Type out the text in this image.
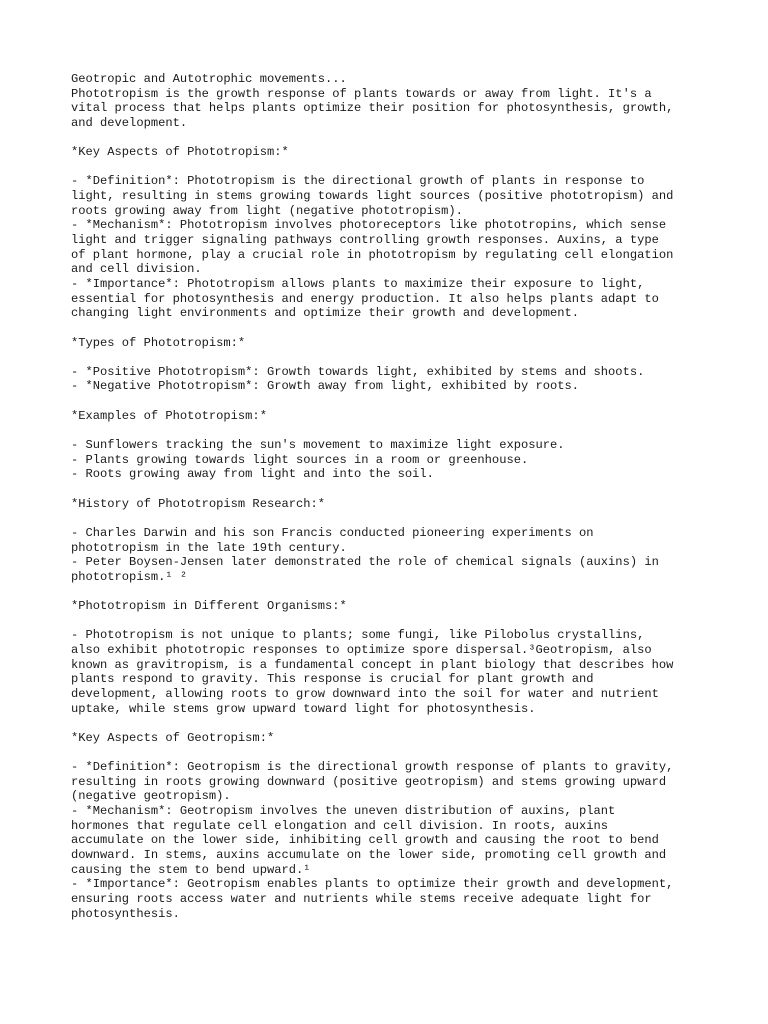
Geotropic and Autotrophic movements...
Phototropism is the growth response of plants towards or away from light. It's a
vital process that helps plants optimize their position for photosynthesis, growth,
and development.
*Key Aspects of Phototropism:*
- *Definition*: Phototropism is the directional growth of plants in response to
light, resulting in stems growing towards light sources (positive phototropism) and
roots growing away from light (negative phototropism).
- *Mechanism*: Phototropism involves photoreceptors like phototropins, which sense
light and trigger signaling pathways controlling growth responses. Auxins, a type
of plant hormone, play a crucial role in phototropism by regulating cell elongation
and cell division.
- *Importance*: Phototropism allows plants to maximize their exposure to light,
essential for photosynthesis and energy production. It also helps plants adapt to
changing light environments and optimize their growth and development.
*Types of Phototropism:*
- *Positive Phototropism*: Growth towards light, exhibited by stems and shoots.
- *Negative Phototropism*: Growth away from light, exhibited by roots.
*Examples of Phototropism:*
- Sunflowers tracking the sun's movement to maximize light exposure.
- Plants growing towards light sources in a room or greenhouse.
- Roots growing away from light and into the soil.
*History of Phototropism Research:*
- Charles Darwin and his son Francis conducted pioneering experiments on
phototropism in the late 19th century.
- Peter Boysen-Jensen later demonstrated the role of chemical signals (auxins) in
phototropism.¹ ²
*Phototropism in Different Organisms:*
- Phototropism is not unique to plants; some fungi, like Pilobolus crystallins,
also exhibit phototropic responses to optimize spore dispersal.³Geotropism, also
known as gravitropism, is a fundamental concept in plant biology that describes how
plants respond to gravity. This response is crucial for plant growth and
development, allowing roots to grow downward into the soil for water and nutrient
uptake, while stems grow upward toward light for photosynthesis.
*Key Aspects of Geotropism:*
- *Definition*: Geotropism is the directional growth response of plants to gravity,
resulting in roots growing downward (positive geotropism) and stems growing upward
(negative geotropism).
- *Mechanism*: Geotropism involves the uneven distribution of auxins, plant
hormones that regulate cell elongation and cell division. In roots, auxins
accumulate on the lower side, inhibiting cell growth and causing the root to bend
downward. In stems, auxins accumulate on the lower side, promoting cell growth and
causing the stem to bend upward.¹
- *Importance*: Geotropism enables plants to optimize their growth and development,
ensuring roots access water and nutrients while stems receive adequate light for
photosynthesis.
